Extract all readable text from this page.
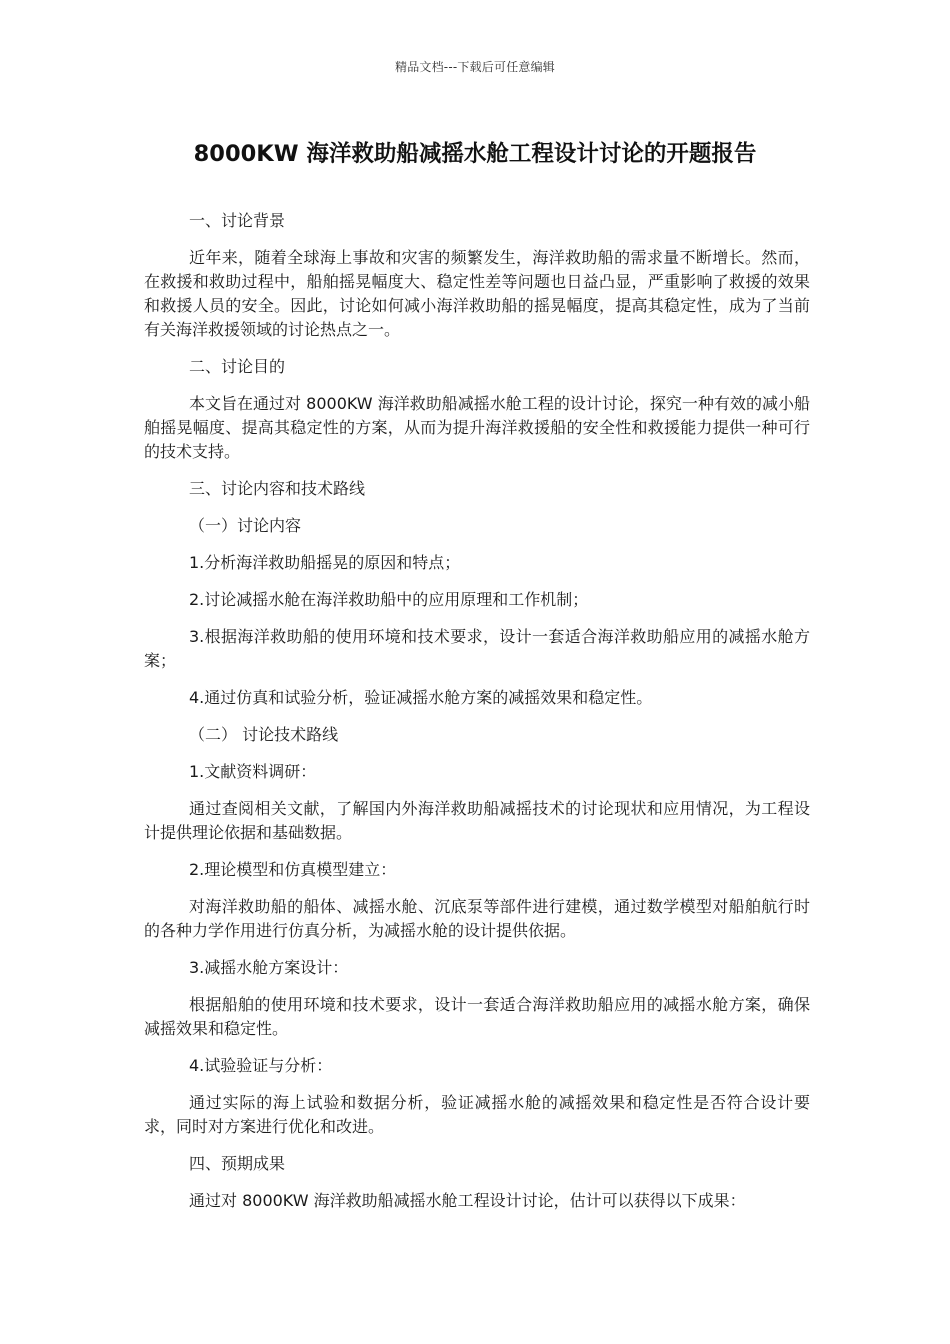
精品文档---下载后可任意编辑
8000KW 海洋救助船减摇水舱工程设计讨论的开题报告

一、讨论背景

近年来，随着全球海上事故和灾害的频繁发生，海洋救助船的需求量不断增长。然而，在救援和救助过程中，船舶摇晃幅度大、稳定性差等问题也日益凸显，严重影响了救援的效果和救援人员的安全。因此，讨论如何减小海洋救助船的摇晃幅度，提高其稳定性，成为了当前有关海洋救援领域的讨论热点之一。

二、讨论目的

本文旨在通过对 8000KW 海洋救助船减摇水舱工程的设计讨论，探究一种有效的减小船舶摇晃幅度、提高其稳定性的方案，从而为提升海洋救援船的安全性和救援能力提供一种可行的技术支持。

三、讨论内容和技术路线

（一）讨论内容

1.分析海洋救助船摇晃的原因和特点；

2.讨论减摇水舱在海洋救助船中的应用原理和工作机制；

3.根据海洋救助船的使用环境和技术要求，设计一套适合海洋救助船应用的减摇水舱方案；

4.通过仿真和试验分析，验证减摇水舱方案的减摇效果和稳定性。

（二） 讨论技术路线

1.文献资料调研：

通过查阅相关文献，了解国内外海洋救助船减摇技术的讨论现状和应用情况，为工程设计提供理论依据和基础数据。

2.理论模型和仿真模型建立：

对海洋救助船的船体、减摇水舱、沉底泵等部件进行建模，通过数学模型对船舶航行时的各种力学作用进行仿真分析，为减摇水舱的设计提供依据。

3.减摇水舱方案设计：

根据船舶的使用环境和技术要求，设计一套适合海洋救助船应用的减摇水舱方案，确保减摇效果和稳定性。

4.试验验证与分析：

通过实际的海上试验和数据分析，验证减摇水舱的减摇效果和稳定性是否符合设计要求，同时对方案进行优化和改进。

四、预期成果

通过对 8000KW 海洋救助船减摇水舱工程设计讨论，估计可以获得以下成果：
